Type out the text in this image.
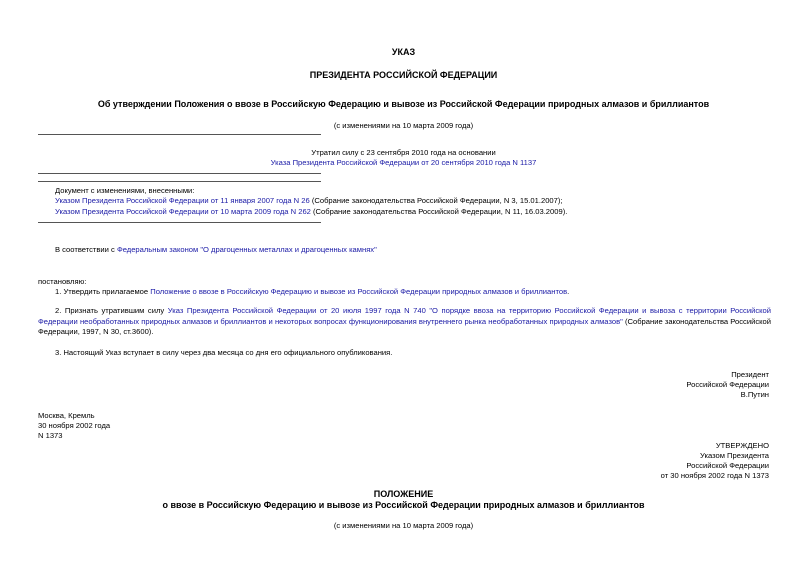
УКАЗ
ПРЕЗИДЕНТА РОССИЙСКОЙ ФЕДЕРАЦИИ
Об утверждении Положения о ввозе в Российскую Федерацию и вывозе из Российской Федерации природных алмазов и бриллиантов
(с изменениями на 10 марта 2009 года)
Утратил силу с 23 сентября 2010 года на основании
Указа Президента Российской Федерации от 20 сентября 2010 года N 1137
Документ с изменениями, внесенными:
Указом Президента Российской Федерации от 11 января 2007 года N 26 (Собрание законодательства Российской Федерации, N 3, 15.01.2007);
Указом Президента Российской Федерации от 10 марта 2009 года N 262 (Собрание законодательства Российской Федерации, N 11, 16.03.2009).
В соответствии с Федеральным законом "О драгоценных металлах и драгоценных камнях"
постановляю:
1. Утвердить прилагаемое Положение о ввозе в Российскую Федерацию и вывозе из Российской Федерации природных алмазов и бриллиантов.
2. Признать утратившим силу Указ Президента Российской Федерации от 20 июля 1997 года N 740 "О порядке ввоза на территорию Российской Федерации и вывоза с территории Российской Федерации необработанных природных алмазов и бриллиантов и некоторых вопросах функционирования внутреннего рынка необработанных природных алмазов" (Собрание законодательства Российской Федерации, 1997, N 30, ст.3600).
3. Настоящий Указ вступает в силу через два месяца со дня его официального опубликования.
Президент
Российской Федерации
В.Путин
Москва, Кремль
30 ноября 2002 года
N 1373
УТВЕРЖДЕНО
Указом Президента
Российской Федерации
от 30 ноября 2002 года N 1373
ПОЛОЖЕНИЕ
о ввозе в Российскую Федерацию и вывозе из Российской Федерации природных алмазов и бриллиантов
(с изменениями на 10 марта 2009 года)
